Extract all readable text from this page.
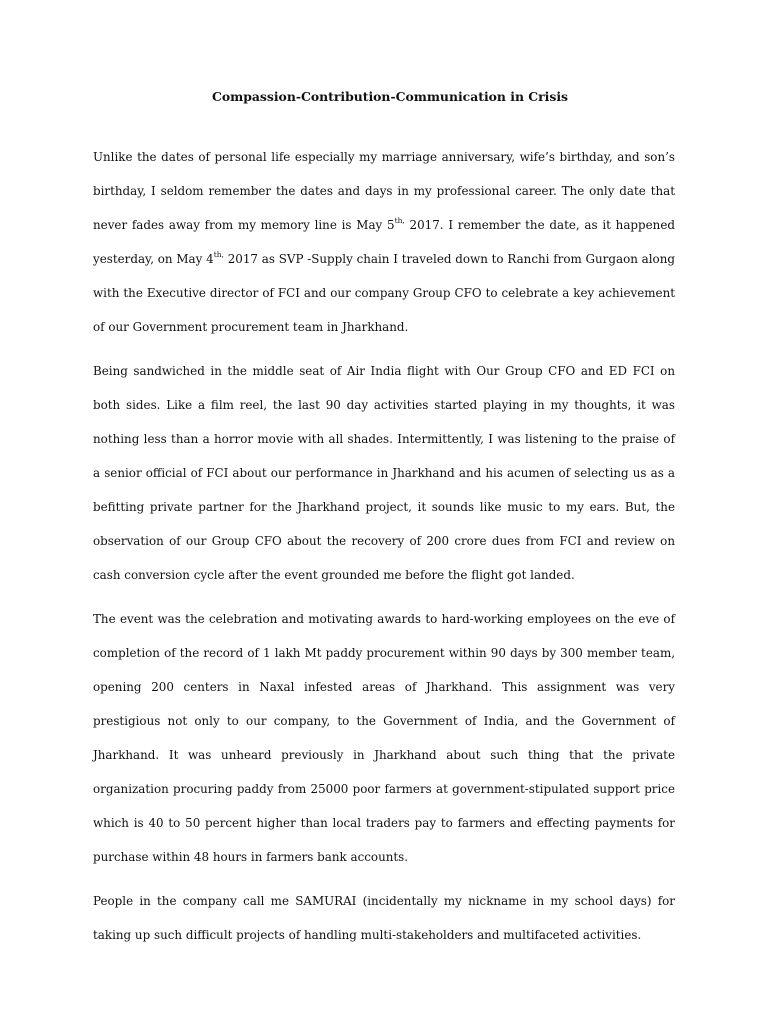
Compassion-Contribution-Communication in Crisis

Unlike the dates of personal life especially my marriage anniversary, wife’s birthday, and son’s birthday, I seldom remember the dates and days in my professional career. The only date that never fades away from my memory line is May $5^{th,}$ 2017. I remember the date, as it happened yesterday, on May $4^{th,}$ 2017 as SVP -Supply chain I traveled down to Ranchi from Gurgaon along with the Executive director of FCI and our company Group CFO to celebrate a key achievement of our Government procurement team in Jharkhand.

Being sandwiched in the middle seat of Air India flight with Our Group CFO and ED FCI on both sides. Like a film reel, the last 90 day activities started playing in my thoughts, it was nothing less than a horror movie with all shades. Intermittently, I was listening to the praise of a senior official of FCI about our performance in Jharkhand and his acumen of selecting us as a befitting private partner for the Jharkhand project, it sounds like music to my ears. But, the observation of our Group CFO about the recovery of 200 crore dues from FCI and review on cash conversion cycle after the event grounded me before the flight got landed.

The event was the celebration and motivating awards to hard-working employees on the eve of completion of the record of 1 lakh Mt paddy procurement within 90 days by 300 member team, opening 200 centers in Naxal infested areas of Jharkhand. This assignment was very prestigious not only to our company, to the Government of India, and the Government of Jharkhand. It was unheard previously in Jharkhand about such thing that the private organization procuring paddy from 25000 poor farmers at government-stipulated support price which is 40 to 50 percent higher than local traders pay to farmers and effecting payments for purchase within 48 hours in farmers bank accounts.

People in the company call me SAMURAI (incidentally my nickname in my school days) for taking up such difficult projects of handling multi-stakeholders and multifaceted activities.
